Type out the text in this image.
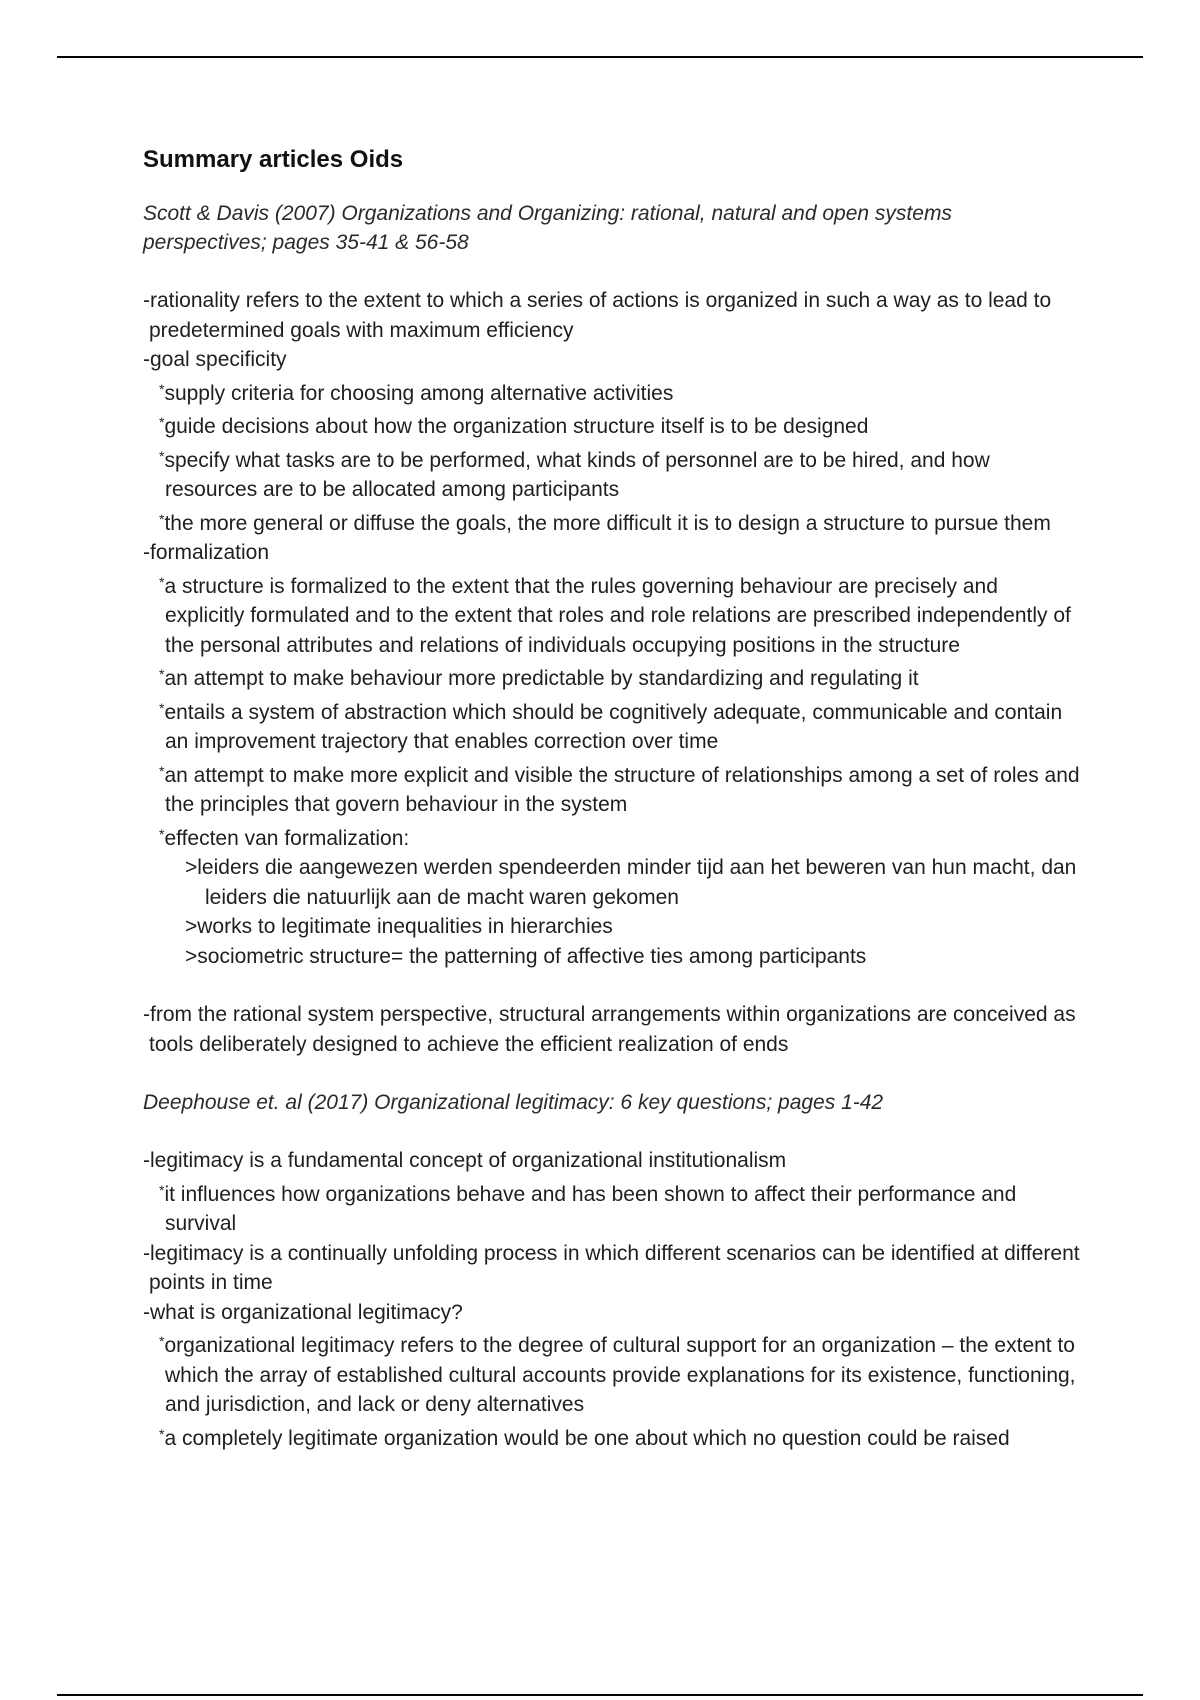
Summary articles Oids
Scott & Davis (2007) Organizations and Organizing: rational, natural and open systems
perspectives; pages 35-41 & 56-58

-rationality refers to the extent to which a series of actions is organized in such a way as to lead to predetermined goals with maximum efficiency

-goal specificity

*supply criteria for choosing among alternative activities

*guide decisions about how the organization structure itself is to be designed

*specify what tasks are to be performed, what kinds of personnel are to be hired, and how resources are to be allocated among participants

*the more general or diffuse the goals, the more difficult it is to design a structure to pursue them

-formalization

*a structure is formalized to the extent that the rules governing behaviour are precisely and explicitly formulated and to the extent that roles and role relations are prescribed independently of the personal attributes and relations of individuals occupying positions in the structure

*an attempt to make behaviour more predictable by standardizing and regulating it

*entails a system of abstraction which should be cognitively adequate, communicable and contain an improvement trajectory that enables correction over time

*an attempt to make more explicit and visible the structure of relationships among a set of roles and the principles that govern behaviour in the system

*effecten van formalization:

>leiders die aangewezen werden spendeerden minder tijd aan het beweren van hun macht, dan leiders die natuurlijk aan de macht waren gekomen

>works to legitimate inequalities in hierarchies

>sociometric structure= the patterning of affective ties among participants

-from the rational system perspective, structural arrangements within organizations are conceived as tools deliberately designed to achieve the efficient realization of ends

Deephouse et. al (2017) Organizational legitimacy: 6 key questions; pages 1-42

-legitimacy is a fundamental concept of organizational institutionalism

*it influences how organizations behave and has been shown to affect their performance and survival

-legitimacy is a continually unfolding process in which different scenarios can be identified at different points in time

-what is organizational legitimacy?

*organizational legitimacy refers to the degree of cultural support for an organization – the extent to which the array of established cultural accounts provide explanations for its existence, functioning, and jurisdiction, and lack or deny alternatives

*a completely legitimate organization would be one about which no question could be raised
